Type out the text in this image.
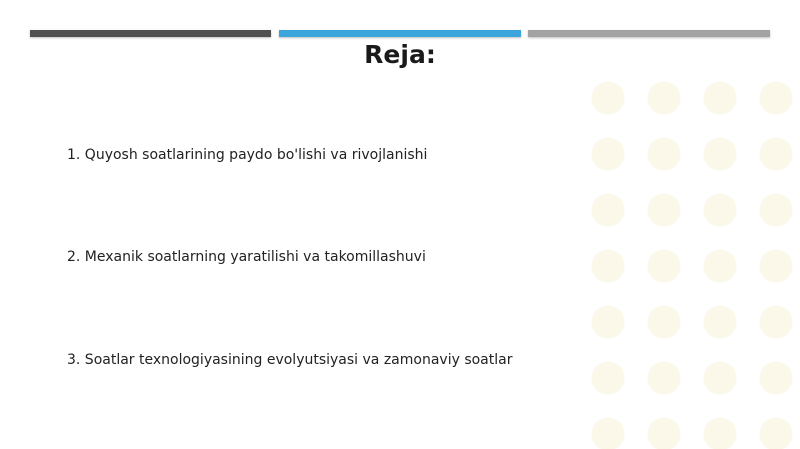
Reja:
1. Quyosh soatlarining paydo bo'lishi va rivojlanishi
2. Mexanik soatlarning yaratilishi va takomillashuvi
3. Soatlar texnologiyasining evolyutsiyasi va zamonaviy soatlar
